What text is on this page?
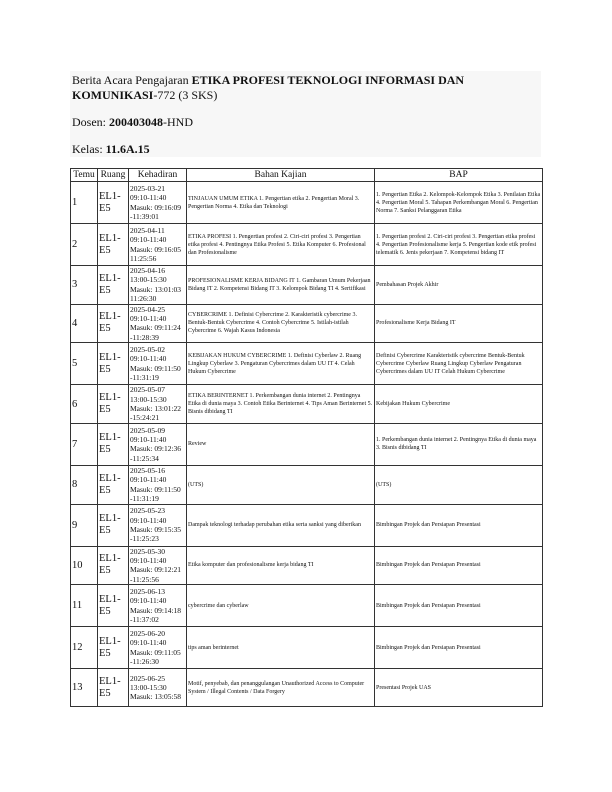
Berita Acara Pengajaran ETIKA PROFESI TEKNOLOGI INFORMASI DAN KOMUNIKASI-772 (3 SKS)
Dosen: 200403048-HND
Kelas: 11.6A.15
Temu	Ruang	Kehadiran	Bahan Kajian	BAP
1	EL1-E5	2025-03-21
09:10-11:40
Masuk: 09:16:09
-11:39:01	TINJAUAN UMUM ETIKA 1. Pengertian etika 2. Pengertian Moral 3. Pengertian Norma 4. Etika dan Teknologi	1. Pengertian Etika 2. Kelompok-Kelompok Etika 3. Penilaian Etika 4. Pengertian Moral 5. Tahapan Perkembangan Moral 6. Pengertian Norma 7. Sanksi Pelanggaran Etika
2	EL1-E5	2025-04-11
09:10-11:40
Masuk: 09:16:05
11:25:56	ETIKA PROFESI 1. Pengertian profesi 2. Ciri-ciri profesi 3. Pengertian etika profesi 4. Pentingnya Etika Profesi 5. Etika Komputer 6. Profesional dan Profesionalisme	1. Pengertian profesi 2. Ciri-ciri profesi 3. Pengertian etika profesi 4. Pengertian Profesionalisme kerja 5. Pengertian kode etik profesi telematik 6. Jenis pekerjaan 7. Kompetensi bidang IT
3	EL1-E5	2025-04-16
13:00-15:30
Masuk: 13:01:03
11:26:30	PROFESIONALISME KERJA BIDANG IT 1. Gambaran Umum Pekerjaan Bidang IT 2. Kompetensi Bidang IT 3. Kelompok Bidang TI 4. Sertifikasi	Pembahasan Projek Akhir
4	EL1-E5	2025-04-25
09:10-11:40
Masuk: 09:11:24
-11:28:39	CYBERCRIME 1. Definisi Cybercrime 2. Karakteristik cybercrime 3. Bentuk-Bentuk Cybercrime 4. Contoh Cybercrime 5. Istilah-istilah Cybercrime 6. Wajah Kasus Indonesia	Profesionalisme Kerja Bidang IT
5	EL1-E5	2025-05-02
09:10-11:40
Masuk: 09:11:50
-11:31:19	KEBIJAKAN HUKUM CYBERCRIME 1. Definisi Cyberlaw 2. Ruang Lingkup Cyberlaw 3. Pengaturan Cybercrimes dalam UU IT 4. Celah Hukum Cybercrime	Definisi Cybercrime Karakteristik cybercrime Bentuk-Bentuk Cybercrime Cyberlaw Ruang Lingkup Cyberlaw Pengaturan Cybercrimes dalam UU IT Celah Hukum Cybercrime
6	EL1-E5	2025-05-07
13:00-15:30
Masuk: 13:01:22
-15:24:21	ETIKA BERINTERNET 1. Perkembangan dunia internet 2. Pentingnya Etika di dunia maya 3. Contoh Etika Berinternet 4. Tips Aman Berinternet 5. Bisnis dibidang TI	Kebijakan Hukum Cybercrime
7	EL1-E5	2025-05-09
09:10-11:40
Masuk: 09:12:36
-11:25:34	Review	1. Perkembangan dunia internet 2. Pentingnya Etika di dunia maya 3. Bisnis dibidang TI
8	EL1-E5	2025-05-16
09:10-11:40
Masuk: 09:11:50
-11:31:19	(UTS)	(UTS)
9	EL1-E5	2025-05-23
09:10-11:40
Masuk: 09:15:35
-11:25:23	Dampak teknologi terhadap perubahan etika serta sanksi yang diberikan	Bimbingan Projek dan Persiapan Presentasi
10	EL1-E5	2025-05-30
09:10-11:40
Masuk: 09:12:21
-11:25:56	Etika komputer dan profesionalisme kerja bidang TI	Bimbingan Projek dan Persiapan Presentasi
11	EL1-E5	2025-06-13
09:10-11:40
Masuk: 09:14:18
-11:37:02	cybercrime dan cyberlaw	Bimbingan Projek dan Persiapan Presentasi
12	EL1-E5	2025-06-20
09:10-11:40
Masuk: 09:11:05
-11:26:30	tips aman berinternet	Bimbingan Projek dan Persiapan Presentasi
13	EL1-E5	2025-06-25
13:00-15:30
Masuk: 13:05:58	Motif, penyebab, dan penanggulangan Unauthorized Access to Computer System / Illegal Contents / Data Forgery	Presentasi Projek UAS
